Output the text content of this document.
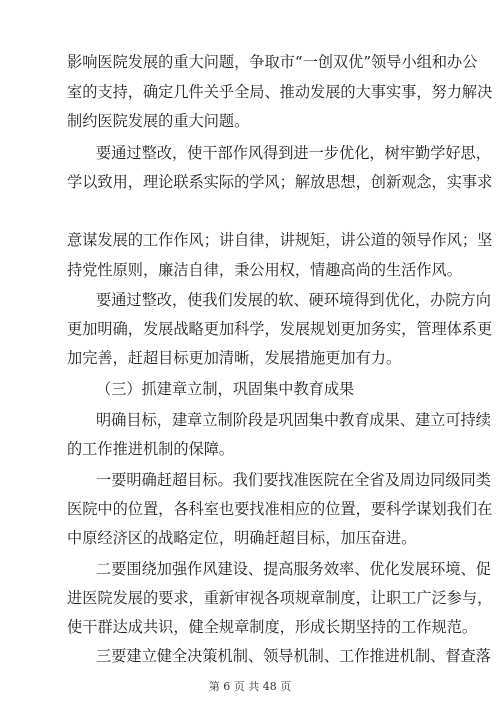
影响医院发展的重大问题，争取市“一创双优”领导小组和办公
室的支持，确定几件关乎全局、推动发展的大事实事，努力解决
制约医院发展的重大问题。
要通过整改，使干部作风得到进一步优化，树牢勤学好思，
学以致用，理论联系实际的学风；解放思想，创新观念，实事求
意谋发展的工作作风；讲自律，讲规矩，讲公道的领导作风；坚
持党性原则，廉洁自律，秉公用权，情趣高尚的生活作风。
要通过整改，使我们发展的软、硬环境得到优化，办院方向
更加明确，发展战略更加科学，发展规划更加务实，管理体系更
加完善，赶超目标更加清晰，发展措施更加有力。
（三）抓建章立制，巩固集中教育成果
明确目标，建章立制阶段是巩固集中教育成果、建立可持续
的工作推进机制的保障。
一要明确赶超目标。我们要找准医院在全省及周边同级同类
医院中的位置，各科室也要找准相应的位置，要科学谋划我们在
中原经济区的战略定位，明确赶超目标，加压奋进。
二要围绕加强作风建设、提高服务效率、优化发展环境、促
进医院发展的要求，重新审视各项规章制度，让职工广泛参与，
使干群达成共识，健全规章制度，形成长期坚持的工作规范。
三要建立健全决策机制、领导机制、工作推进机制、督查落
第 6 页 共 48 页
